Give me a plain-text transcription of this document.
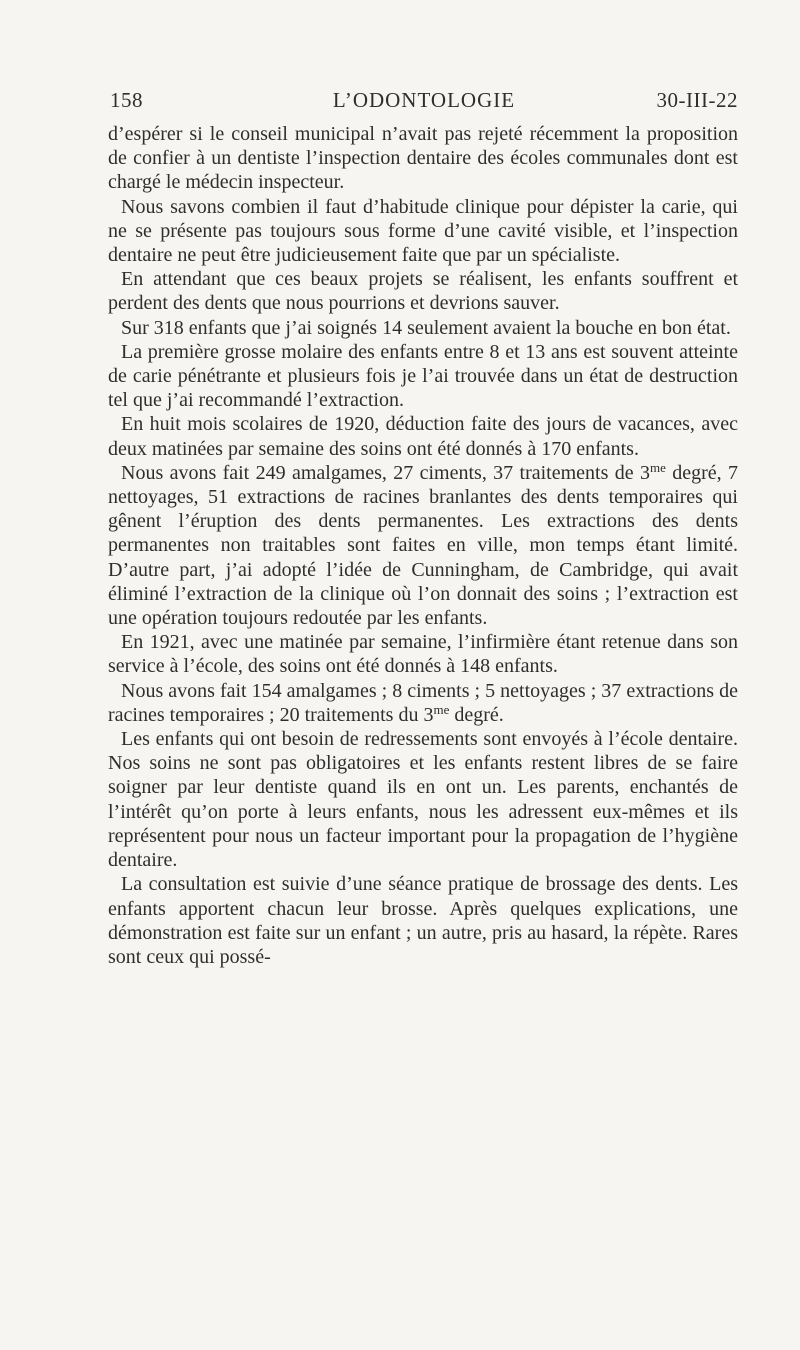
158	L’ODONTOLOGIE	30-III-22

d’espérer si le conseil municipal n’avait pas rejeté récemment la proposition de confier à un dentiste l’inspection dentaire des écoles communales dont est chargé le médecin inspecteur.

Nous savons combien il faut d’habitude clinique pour dépister la carie, qui ne se présente pas toujours sous forme d’une cavité visible, et l’inspection dentaire ne peut être judicieusement faite que par un spécialiste.

En attendant que ces beaux projets se réalisent, les enfants souffrent et perdent des dents que nous pourrions et devrions sauver.

Sur 318 enfants que j’ai soignés 14 seulement avaient la bouche en bon état.

La première grosse molaire des enfants entre 8 et 13 ans est souvent atteinte de carie pénétrante et plusieurs fois je l’ai trouvée dans un état de destruction tel que j’ai recommandé l’extraction.

En huit mois scolaires de 1920, déduction faite des jours de vacances, avec deux matinées par semaine des soins ont été donnés à 170 enfants.

Nous avons fait 249 amalgames, 27 ciments, 37 traitements de $3^{me}$ degré, 7 nettoyages, 51 extractions de racines branlantes des dents temporaires qui gênent l’éruption des dents permanentes. Les extractions des dents permanentes non traitables sont faites en ville, mon temps étant limité. D’autre part, j’ai adopté l’idée de Cunningham, de Cambridge, qui avait éliminé l’extraction de la clinique où l’on donnait des soins ; l’extraction est une opération toujours redoutée par les enfants.

En 1921, avec une matinée par semaine, l’infirmière étant retenue dans son service à l’école, des soins ont été donnés à 148 enfants.

Nous avons fait 154 amalgames ; 8 ciments ; 5 nettoyages ; 37 extractions de racines temporaires ; 20 traitements du $3^{me}$ degré.

Les enfants qui ont besoin de redressements sont envoyés à l’école dentaire. Nos soins ne sont pas obligatoires et les enfants restent libres de se faire soigner par leur dentiste quand ils en ont un. Les parents, enchantés de l’intérêt qu’on porte à leurs enfants, nous les adressent eux-mêmes et ils représentent pour nous un facteur important pour la propagation de l’hygiène dentaire.

La consultation est suivie d’une séance pratique de brossage des dents. Les enfants apportent chacun leur brosse. Après quelques explications, une démonstration est faite sur un enfant ; un autre, pris au hasard, la répète. Rares sont ceux qui possé-
